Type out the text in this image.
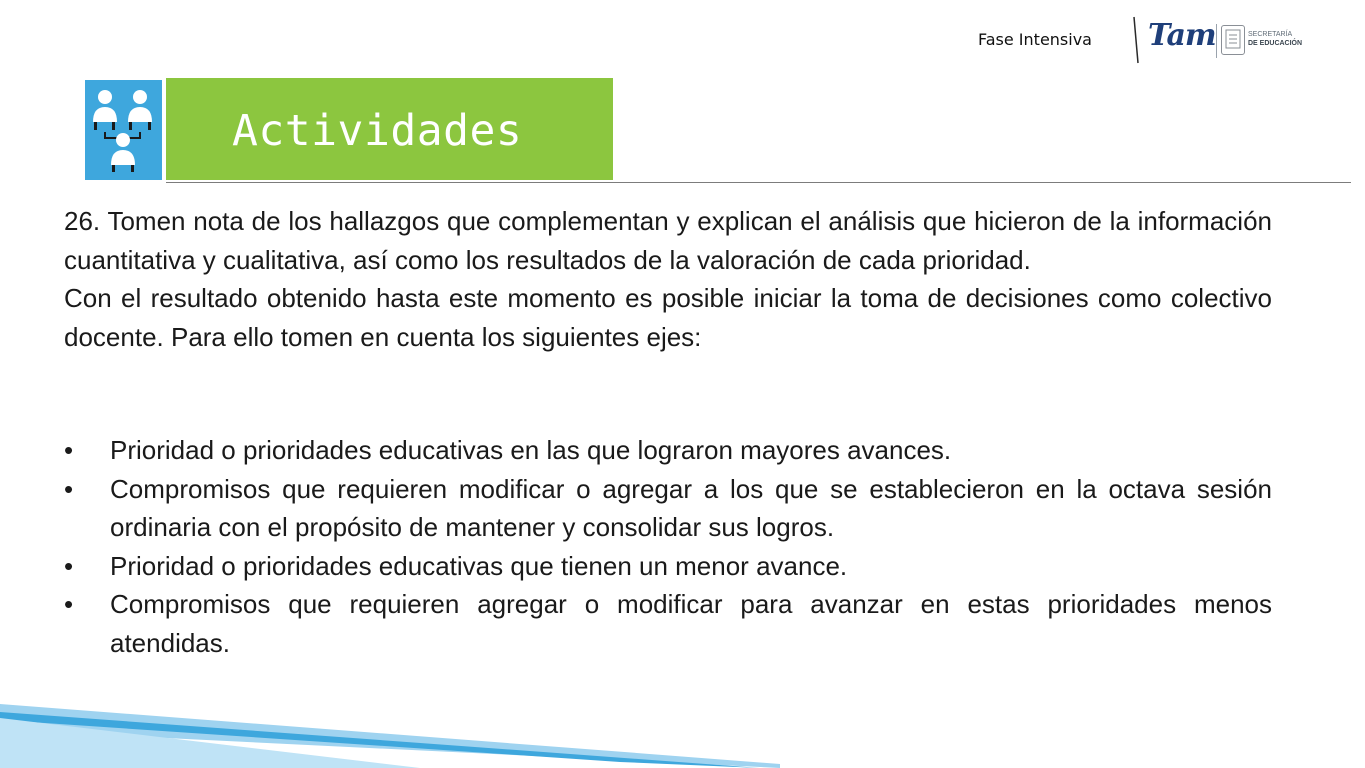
Fase Intensiva Tam	SECRETARÍA
DE EDUCACIÓN
Actividades

26. Tomen nota de los hallazgos que complementan y explican el análisis que hicieron de la información cuantitativa y cualitativa, así como los resultados de la valoración de cada prioridad.

Con el resultado obtenido hasta este momento es posible iniciar la toma de decisiones como colectivo docente. Para ello tomen en cuenta los siguientes ejes:

• Prioridad o prioridades educativas en las que lograron mayores avances.
• Compromisos que requieren modificar o agregar a los que se establecieron en la octava sesión ordinaria con el propósito de mantener y consolidar sus logros.
• Prioridad o prioridades educativas que tienen un menor avance.
• Compromisos que requieren agregar o modificar para avanzar en estas prioridades menos atendidas.
